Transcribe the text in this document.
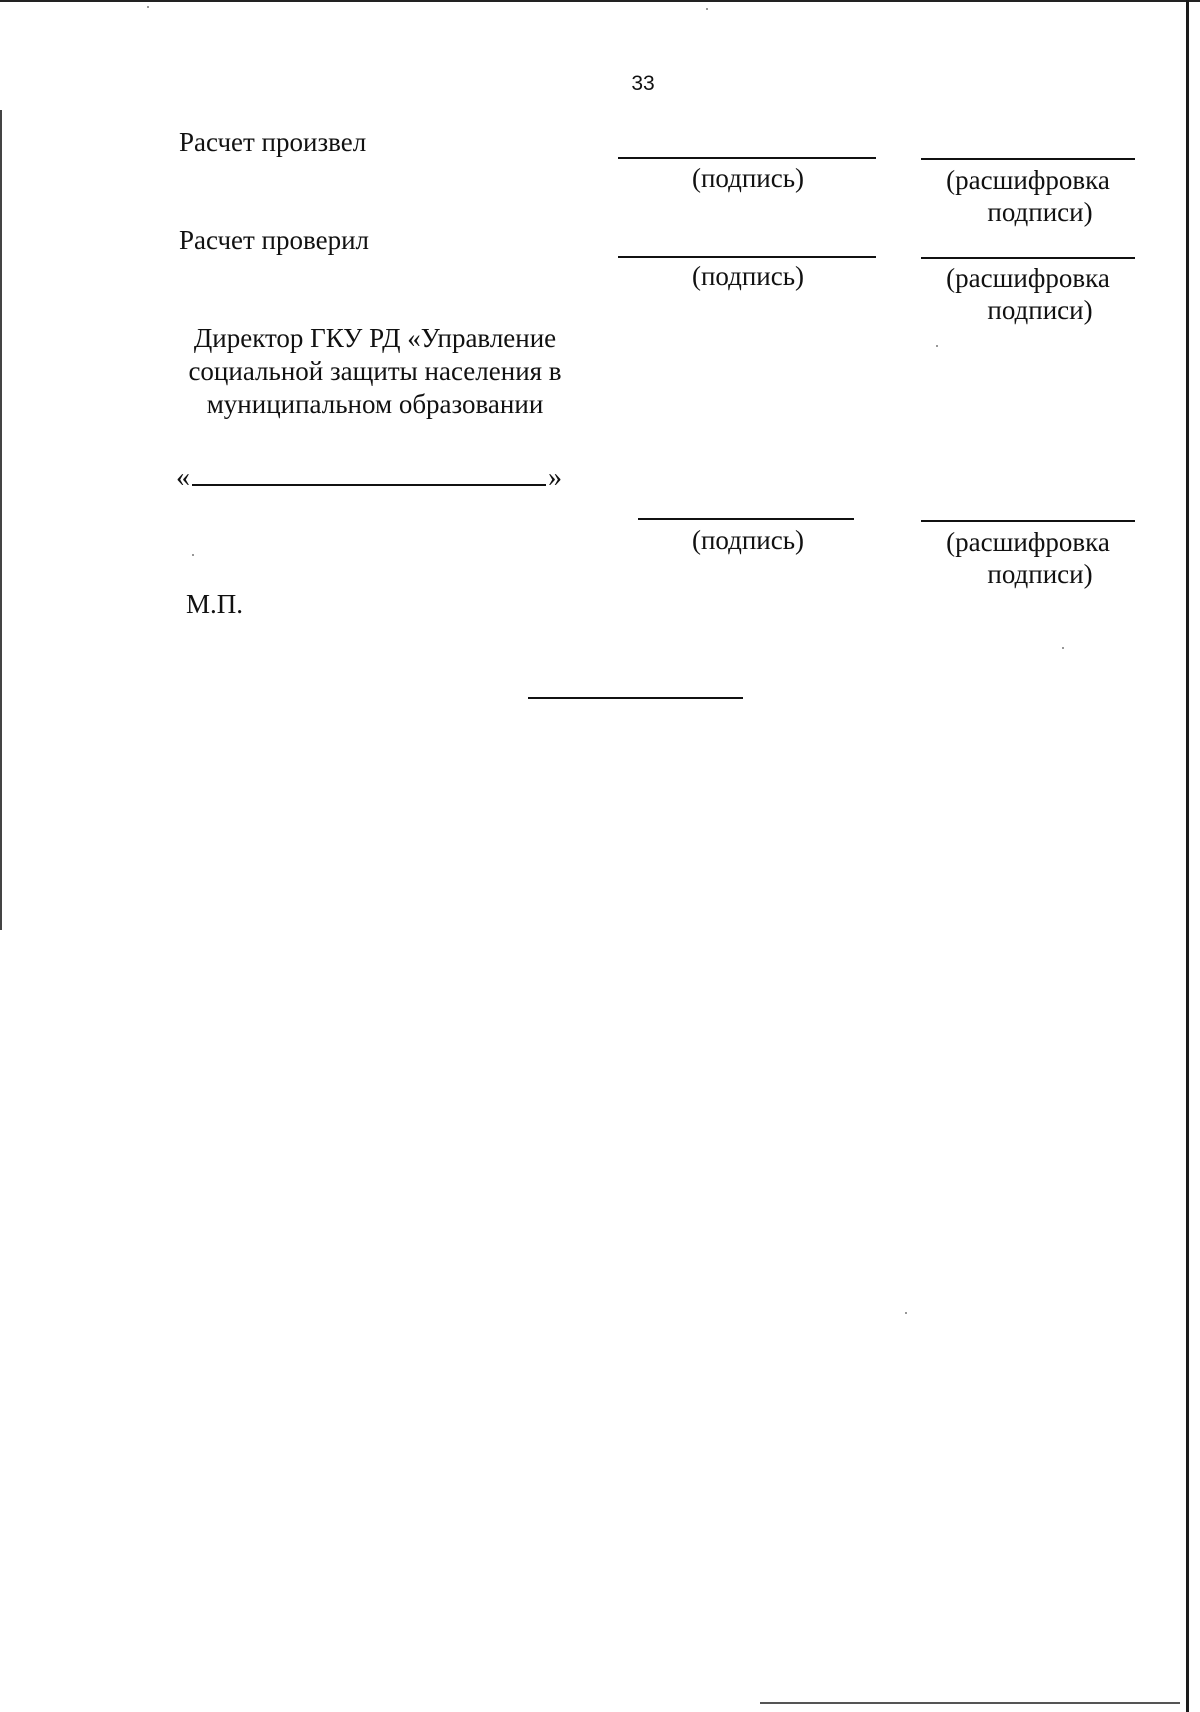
33
Расчет произвел
(подпись)	(расшифровка
подписи)
Расчет проверил
(подпись)	(расшифровка
подписи)
Директор ГКУ РД «Управление
социальной защиты населения в
муниципальном образовании
«	»
(подпись)	(расшифровка
подписи)
М.П.
